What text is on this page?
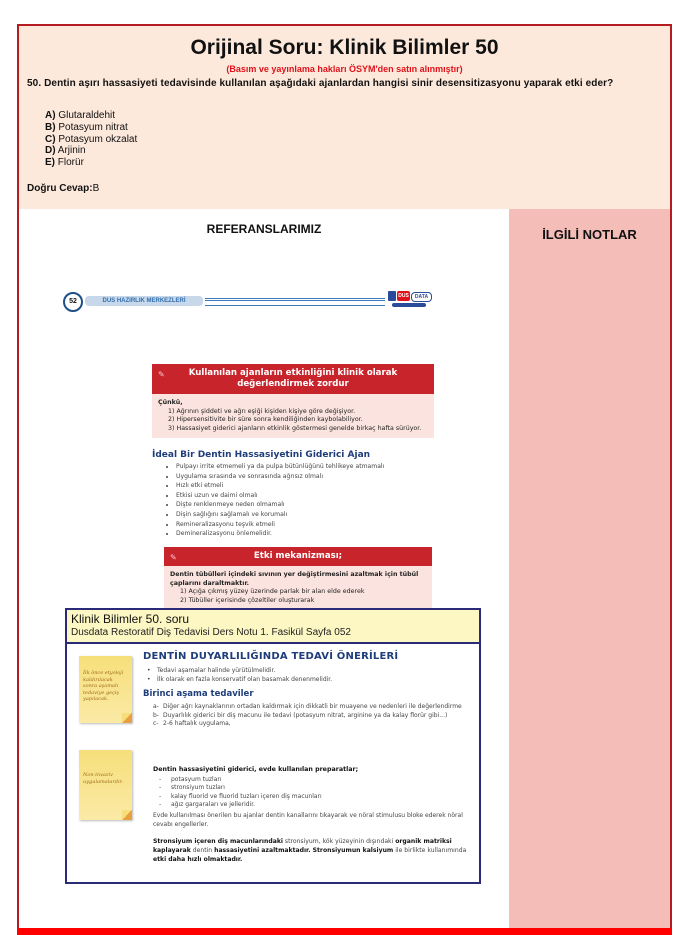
Orijinal Soru: Klinik Bilimler 50
(Basım ve yayınlama hakları ÖSYM'den satın alınmıştır)
50. Dentin aşırı hassasiyeti tedavisinde kullanılan aşağıdaki ajanlardan hangisi sinir desensitizasyonu yaparak etki eder?
A) Glutaraldehit
B) Potasyum nitrat
C) Potasyum okzalat
D) Arjinin
E) Florür
Doğru Cevap:B
REFERANSLARIMIZ	İLGİLİ NOTLAR
52	DUS HAZIRLIK MERKEZLERİ
DUS	DATA
✎	Kullanılan ajanların etkinliğini klinik olarak değerlendirmek zordur
Çünkü,
1) Ağrının şiddeti ve ağrı eşiği kişiden kişiye göre değişiyor.
2) Hipersensitivite bir süre sonra kendiliğinden kaybolabiliyor.
3) Hassasiyet giderici ajanların etkinlik göstermesi genelde birkaç hafta sürüyor.
İdeal Bir Dentin Hassasiyetini Giderici Ajan
• Pulpayı irrite etmemeli ya da pulpa bütünlüğünü tehlikeye atmamalı
• Uygulama sırasında ve sonrasında ağrısız olmalı
• Hızlı etki etmeli
• Etkisi uzun ve daimi olmalı
• Dişte renklenmeye neden olmamalı
• Dişin sağlığını sağlamalı ve korumalı
• Remineralizasyonu teşvik etmeli
• Demineralizasyonu önlemelidir.
✎	Etki mekanizması;
Dentin tübülleri içindeki sıvının yer değiştirmesini azaltmak için tübül çaplarını daraltmaktır.
1) Açığa çıkmış yüzey üzerinde parlak bir alan elde ederek
2) Tübüller içerisinde çözeltiler oluşturarak
Klinik Bilimler 50. soru
Dusdata Restoratif Diş Tedavisi Ders Notu 1. Fasikül Sayfa 052
İlk önce etyoloji kaldırılacak sonra aşamalı tedaviye geçiş yapılacak.
Non-invaziv uygulamalardır.
DENTİN DUYARLILIĞINDA TEDAVİ ÖNERİLERİ
• Tedavi aşamalar halinde yürütülmelidir.
• İlk olarak en fazla konservatif olan basamak denenmelidir.
Birinci aşama tedaviler
a- Diğer ağrı kaynaklarının ortadan kaldırmak için dikkatli bir muayene ve nedenleri ile değerlendirme
b- Duyarlılık giderici bir diş macunu ile tedavi (potasyum nitrat, arginine ya da kalay florür gibi...)
c- 2-6 haftalık uygulama,
Dentin hassasiyetini giderici, evde kullanılan preparatlar;
- potasyum tuzları
- stronsiyum tuzları
- kalay fluorid ve fluorid tuzları içeren diş macunları
- ağız gargaraları ve jelleridir.
Evde kullanılması önerilen bu ajanlar dentin kanallarını tıkayarak ve nöral stimulusu bloke ederek nöral cevabı engellerler.
Stronsiyum içeren diş macunlarındaki stronsiyum, kök yüzeyinin dışındaki organik matriksi kaplayarak dentin hassasiyetini azaltmaktadır. Stronsiyumun kalsiyum ile birlikte kullanımında etki daha hızlı olmaktadır.
